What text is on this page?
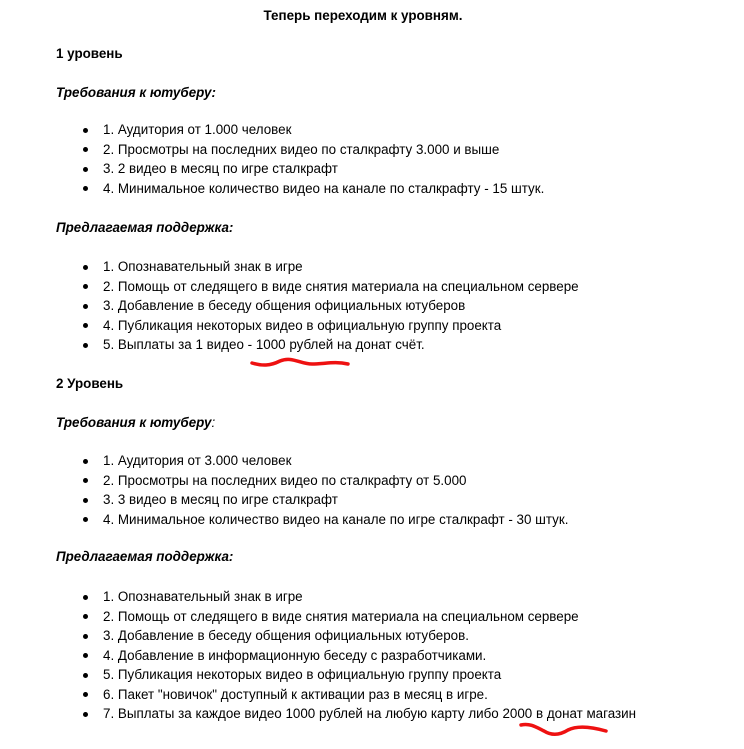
Теперь переходим к уровням.

1 уровень

Требования к ютуберу:

1. Аудитория от 1.000 человек
2. Просмотры на последних видео по сталкрафту 3.000 и выше
3. 2 видео в месяц по игре сталкрафт
4. Минимальное количество видео на канале по сталкрафту - 15 штук.

Предлагаемая поддержка:

1. Опознавательный знак в игре
2. Помощь от следящего в виде снятия материала на специальном сервере
3. Добавление в беседу общения официальных ютуберов
4. Публикация некоторых видео в официальную группу проекта
5. Выплаты за 1 видео - 1000 рублей на донат счёт.

2 Уровень

Требования к ютуберу:

1. Аудитория от 3.000 человек
2. Просмотры на последних видео по сталкрафту от 5.000
3. 3 видео в месяц по игре сталкрафт
4. Минимальное количество видео на канале по игре сталкрафт - 30 штук.

Предлагаемая поддержка:

1. Опознавательный знак в игре
2. Помощь от следящего в виде снятия материала на специальном сервере
3. Добавление в беседу общения официальных ютуберов.
4. Добавление в информационную беседу с разработчиками.
5. Публикация некоторых видео в официальную группу проекта
6. Пакет "новичок" доступный к активации раз в месяц в игре.
7. Выплаты за каждое видео 1000 рублей на любую карту либо 2000 в донат магазин
